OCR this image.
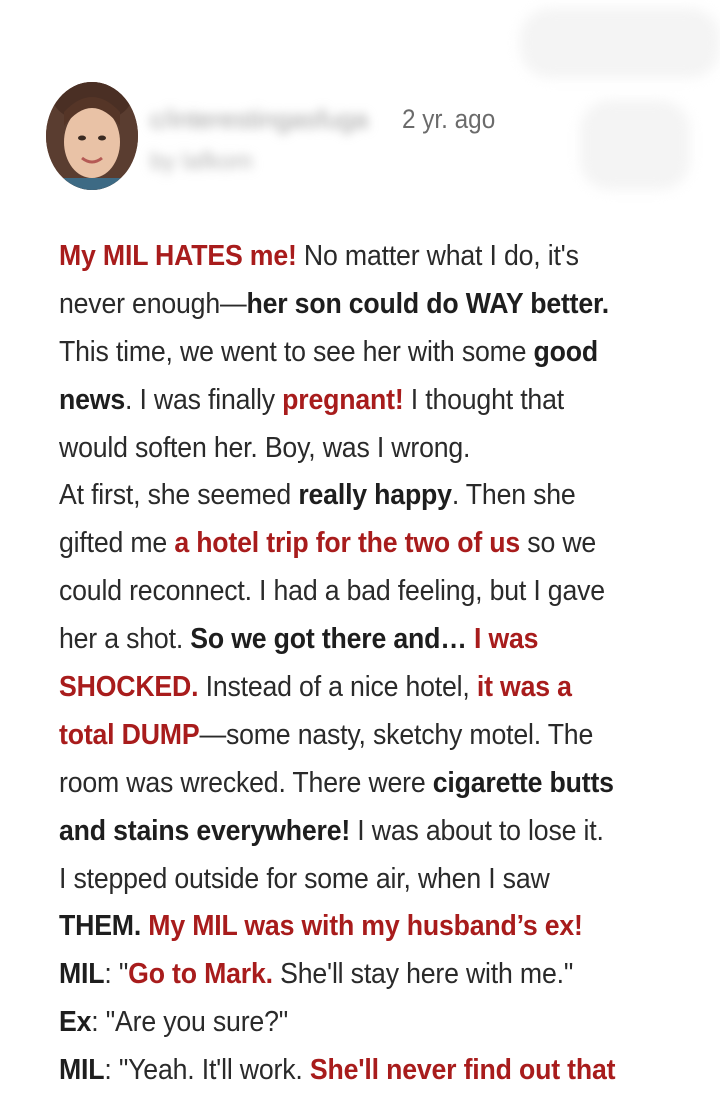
c/interestingasfuga
by lafkom
2 yr. ago
My MIL HATES me! No matter what I do, it's
never enough—her son could do WAY better.
This time, we went to see her with some good
news. I was finally pregnant! I thought that
would soften her. Boy, was I wrong.
At first, she seemed really happy. Then she
gifted me a hotel trip for the two of us so we
could reconnect. I had a bad feeling, but I gave
her a shot. So we got there and… I was
SHOCKED. Instead of a nice hotel, it was a
total DUMP—some nasty, sketchy motel. The
room was wrecked. There were cigarette butts
and stains everywhere! I was about to lose it.
I stepped outside for some air, when I saw
THEM. My MIL was with my husband’s ex!
MIL: "Go to Mark. She'll stay here with me."
Ex: "Are you sure?"
MIL: "Yeah. It'll work. She'll never find out that
